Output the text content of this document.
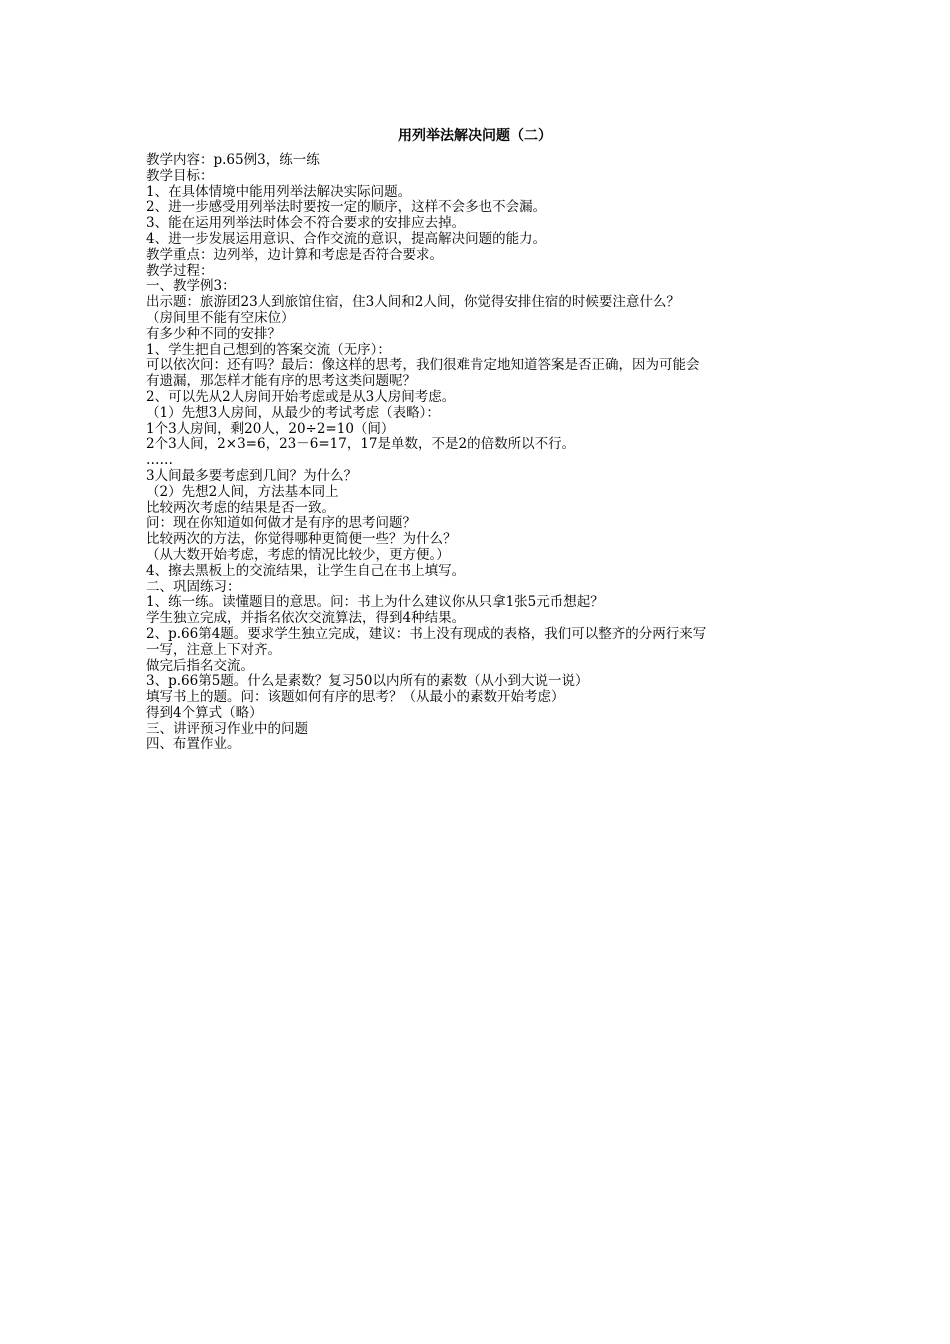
用列举法解决问题（二）
教学内容：p.65例3，练一练
教学目标：
1、在具体情境中能用列举法解决实际问题。
2、进一步感受用列举法时要按一定的顺序，这样不会多也不会漏。
3、能在运用列举法时体会不符合要求的安排应去掉。
4、进一步发展运用意识、合作交流的意识，提高解决问题的能力。
教学重点：边列举，边计算和考虑是否符合要求。
教学过程：
一、教学例3：
出示题：旅游团23人到旅馆住宿，住3人间和2人间，你觉得安排住宿的时候要注意什么？
（房间里不能有空床位）
有多少种不同的安排？
1、学生把自己想到的答案交流（无序）：
可以依次问：还有吗？最后：像这样的思考，我们很难肯定地知道答案是否正确，因为可能会
有遗漏，那怎样才能有序的思考这类问题呢？
2、可以先从2人房间开始考虑或是从3人房间考虑。
（1）先想3人房间，从最少的考试考虑（表略）：
1个3人房间，剩20人，20÷2=10（间）
2个3人间，2×3=6，23－6=17，17是单数，不是2的倍数所以不行。
……
3人间最多要考虑到几间？为什么？
（2）先想2人间，方法基本同上
比较两次考虑的结果是否一致。
问：现在你知道如何做才是有序的思考问题？
比较两次的方法，你觉得哪种更简便一些？为什么？
（从大数开始考虑，考虑的情况比较少，更方便。）
4、擦去黑板上的交流结果，让学生自己在书上填写。
二、巩固练习：
1、练一练。读懂题目的意思。问：书上为什么建议你从只拿1张5元币想起？
学生独立完成，并指名依次交流算法，得到4种结果。
2、p.66第4题。要求学生独立完成，建议：书上没有现成的表格，我们可以整齐的分两行来写
一写，注意上下对齐。
做完后指名交流。
3、p.66第5题。什么是素数？复习50以内所有的素数（从小到大说一说）
填写书上的题。问：该题如何有序的思考？（从最小的素数开始考虑）
得到4个算式（略）
三、讲评预习作业中的问题
四、布置作业。
